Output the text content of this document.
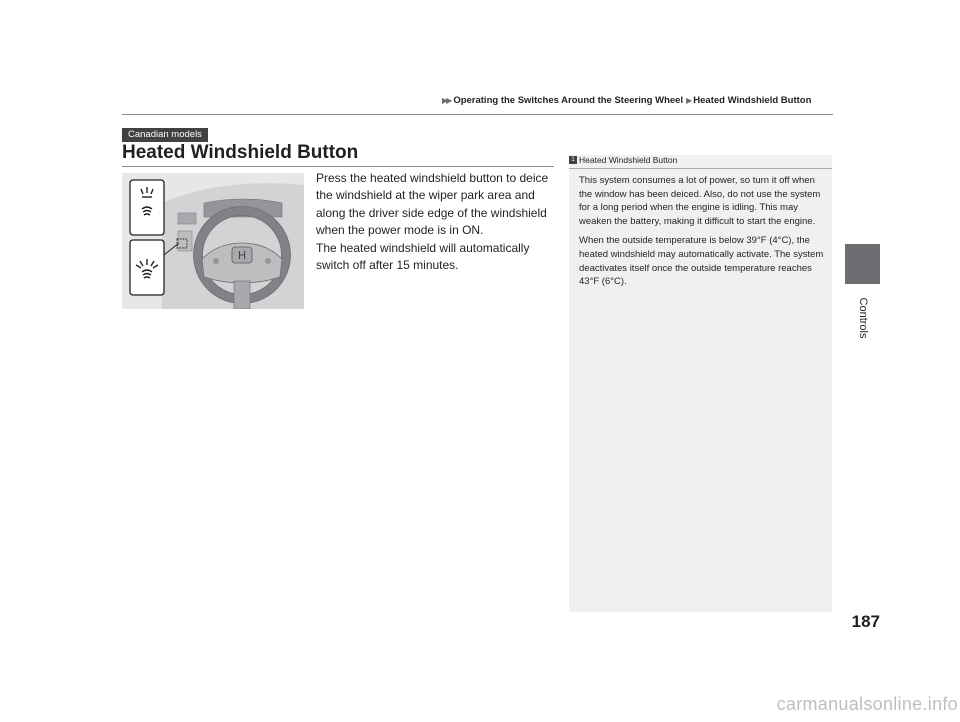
▶▶ Operating the Switches Around the Steering Wheel ▶ Heated Windshield Button
Controls
Canadian models
Heated Windshield Button
H

Press the heated windshield button to deice the windshield at the wiper park area and along the driver side edge of the windshield when the power mode is in ON.

The heated windshield will automatically switch off after 15 minutes.

1 Heated Windshield Button

This system consumes a lot of power, so turn it off when the window has been deiced. Also, do not use the system for a long period when the engine is idling. This may weaken the battery, making it difficult to start the engine.

When the outside temperature is below 39°F (4°C), the heated windshield may automatically activate. The system deactivates itself once the outside temperature reaches 43°F (6°C).

187
carmanualsonline.info
